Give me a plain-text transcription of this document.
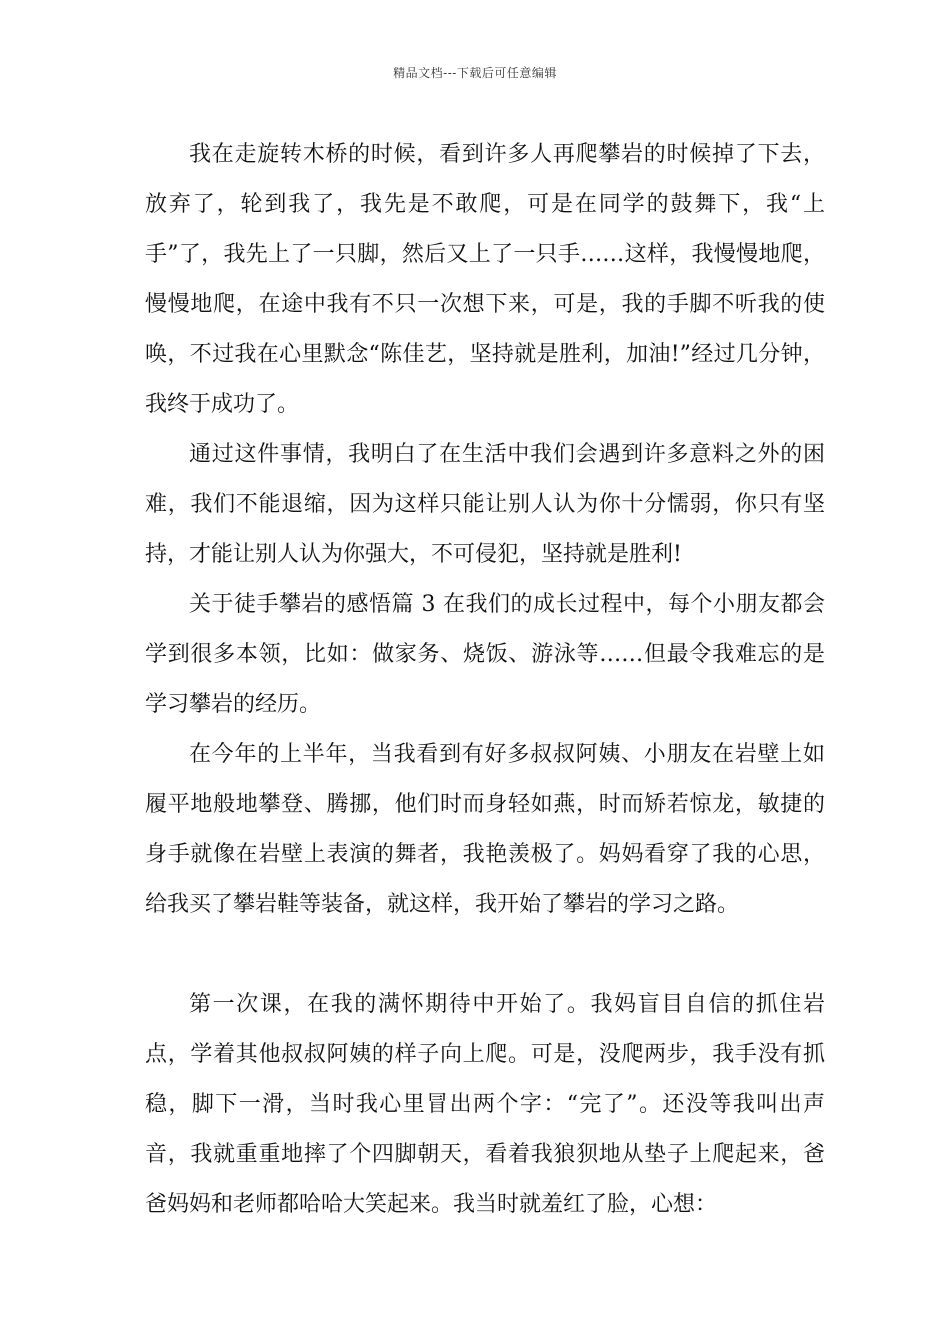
精品文档---下载后可任意编辑

我在走旋转木桥的时候，看到许多人再爬攀岩的时候掉了下去，放弃了，轮到我了，我先是不敢爬，可是在同学的鼓舞下，我“上手”了，我先上了一只脚，然后又上了一只手……这样，我慢慢地爬，慢慢地爬，在途中我有不只一次想下来，可是，我的手脚不听我的使唤，不过我在心里默念“陈佳艺，坚持就是胜利，加油!”经过几分钟，我终于成功了。

通过这件事情，我明白了在生活中我们会遇到许多意料之外的困难，我们不能退缩，因为这样只能让别人认为你十分懦弱，你只有坚持，才能让别人认为你强大，不可侵犯，坚持就是胜利!

关于徒手攀岩的感悟篇 3 在我们的成长过程中，每个小朋友都会学到很多本领，比如：做家务、烧饭、游泳等……但最令我难忘的是学习攀岩的经历。

在今年的上半年，当我看到有好多叔叔阿姨、小朋友在岩壁上如履平地般地攀登、腾挪，他们时而身轻如燕，时而矫若惊龙，敏捷的身手就像在岩壁上表演的舞者，我艳羡极了。妈妈看穿了我的心思，给我买了攀岩鞋等装备，就这样，我开始了攀岩的学习之路。

第一次课，在我的满怀期待中开始了。我妈盲目自信的抓住岩点，学着其他叔叔阿姨的样子向上爬。可是，没爬两步，我手没有抓稳，脚下一滑，当时我心里冒出两个字：“完了”。还没等我叫出声音，我就重重地摔了个四脚朝天，看着我狼狈地从垫子上爬起来，爸爸妈妈和老师都哈哈大笑起来。我当时就羞红了脸，心想：
